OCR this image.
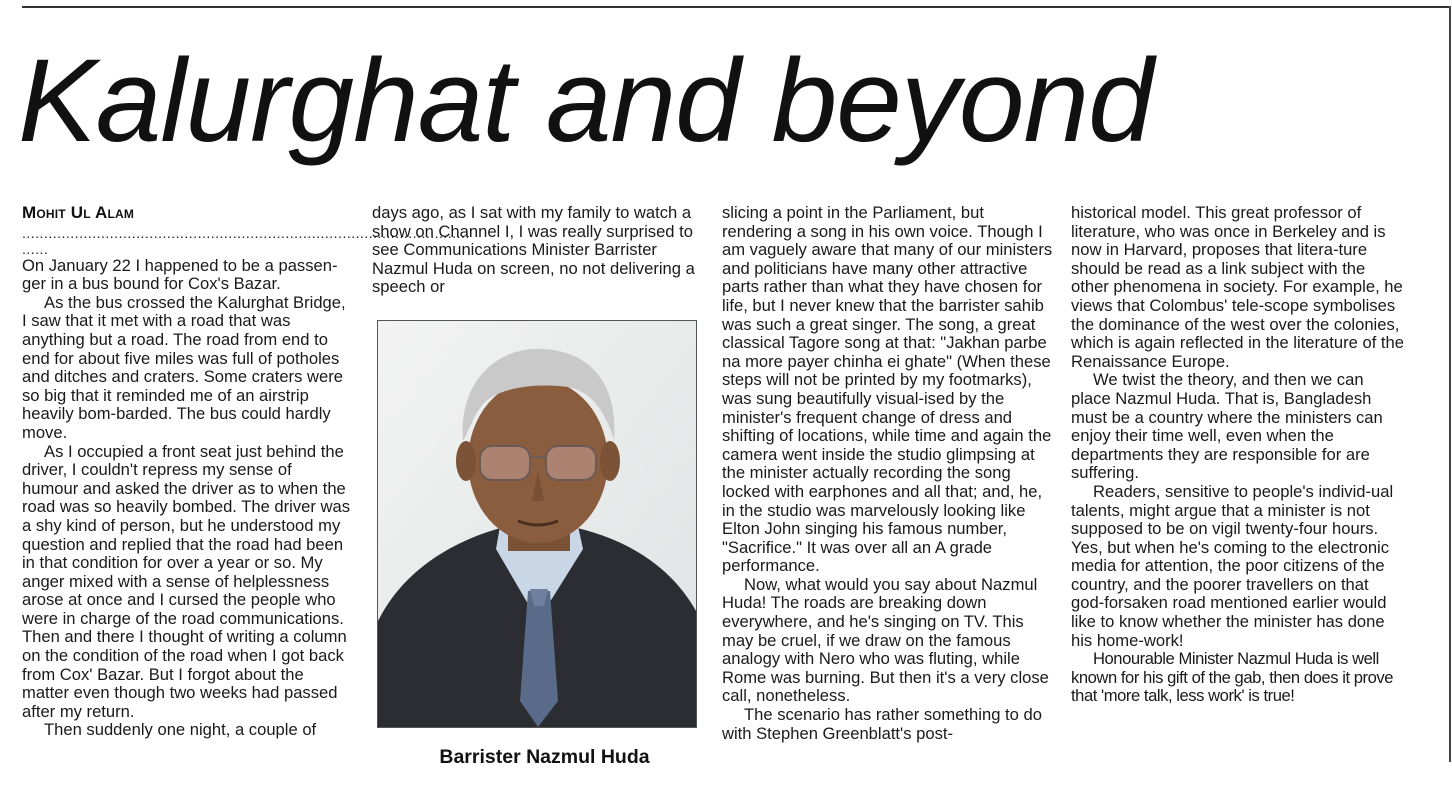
Kalurghat and beyond
Mohit Ul Alam
......................................................................................................
......

On January 22 I happened to be a passen-ger in a bus bound for Cox's Bazar.

As the bus crossed the Kalurghat Bridge, I saw that it met with a road that was anything but a road. The road from end to end for about five miles was full of potholes and ditches and craters. Some craters were so big that it reminded me of an airstrip heavily bom-barded. The bus could hardly move.

As I occupied a front seat just behind the driver, I couldn't repress my sense of humour and asked the driver as to when the road was so heavily bombed. The driver was a shy kind of person, but he understood my question and replied that the road had been in that condition for over a year or so. My anger mixed with a sense of helplessness arose at once and I cursed the people who were in charge of the road communications. Then and there I thought of writing a column on the condition of the road when I got back from Cox' Bazar. But I forgot about the matter even though two weeks had passed after my return.

Then suddenly one night, a couple of

days ago, as I sat with my family to watch a show on Channel I, I was really surprised to see Communications Minister Barrister Nazmul Huda on screen, no not delivering a speech or

Barrister Nazmul Huda

slicing a point in the Parliament, but rendering a song in his own voice. Though I am vaguely aware that many of our ministers and politicians have many other attractive parts rather than what they have chosen for life, but I never knew that the barrister sahib was such a great singer. The song, a great classical Tagore song at that: "Jakhan parbe na more payer chinha ei ghate" (When these steps will not be printed by my footmarks), was sung beautifully visual-ised by the minister's frequent change of dress and shifting of locations, while time and again the camera went inside the studio glimpsing at the minister actually recording the song locked with earphones and all that; and, he, in the studio was marvelously looking like Elton John singing his famous number, "Sacrifice." It was over all an A grade performance.

Now, what would you say about Nazmul Huda! The roads are breaking down everywhere, and he's singing on TV. This may be cruel, if we draw on the famous analogy with Nero who was fluting, while Rome was burning. But then it's a very close call, nonetheless.

The scenario has rather something to do with Stephen Greenblatt's post-

historical model. This great professor of literature, who was once in Berkeley and is now in Harvard, proposes that litera-ture should be read as a link subject with the other phenomena in society. For example, he views that Colombus' tele-scope symbolises the dominance of the west over the colonies, which is again reflected in the literature of the Renaissance Europe.

We twist the theory, and then we can place Nazmul Huda. That is, Bangladesh must be a country where the ministers can enjoy their time well, even when the departments they are responsible for are suffering.

Readers, sensitive to people's individ-ual talents, might argue that a minister is not supposed to be on vigil twenty-four hours. Yes, but when he's coming to the electronic media for attention, the poor citizens of the country, and the poorer travellers on that god-forsaken road mentioned earlier would like to know whether the minister has done his home-work!

Honourable Minister Nazmul Huda is well known for his gift of the gab, then does it prove that 'more talk, less work' is true!
